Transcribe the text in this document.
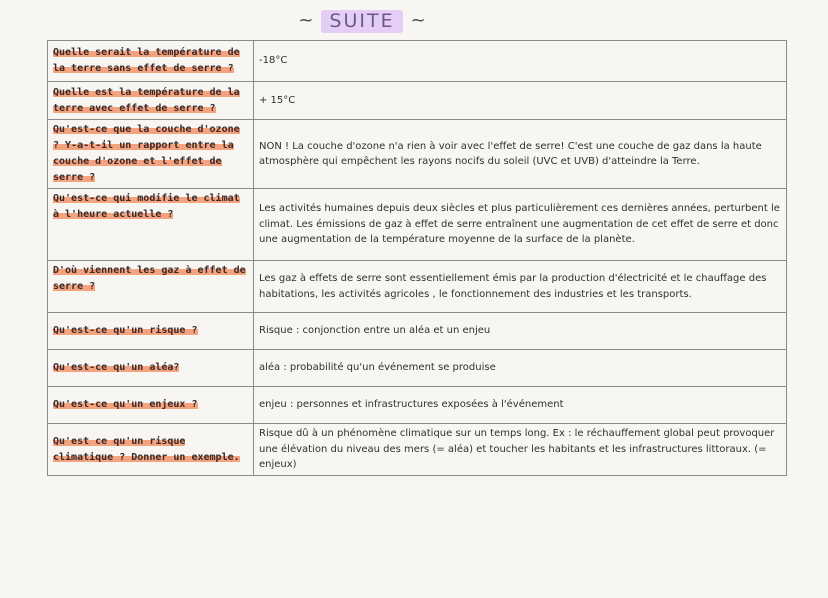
~ SUITE ~
Quelle serait la température de la terre sans effet de serre ?	-18°C
Quelle est la température de la terre avec effet de serre ?	+ 15°C
Qu'est-ce que la couche d'ozone ? Y-a-t-il un rapport entre la couche d'ozone et l'effet de serre ?	NON ! La couche d'ozone n'a rien à voir avec l'effet de serre! C'est une couche de gaz dans la haute atmosphère qui empêchent les rayons nocifs du soleil (UVC et UVB) d'atteindre la Terre.
Qu'est-ce qui modifie le climat à l'heure actuelle ?	Les activités humaines depuis deux siècles et plus particulièrement ces dernières années, perturbent le climat. Les émissions de gaz à effet de serre entraînent une augmentation de cet effet de serre et donc une augmentation de la température moyenne de la surface de la planète.
D'où viennent les gaz à effet de serre ?	Les gaz à effets de serre sont essentiellement émis par la production d'électricité et le chauffage des habitations, les activités agricoles , le fonctionnement des industries et les transports.
Qu'est-ce qu'un risque ?	Risque : conjonction entre un aléa et un enjeu
Qu'est-ce qu'un aléa?	aléa : probabilité qu'un événement se produise
Qu'est-ce qu'un enjeux ?	enjeu : personnes et infrastructures exposées à l'événement
Qu'est ce qu'un risque climatique ? Donner un exemple.	Risque dû à un phénomène climatique sur un temps long. Ex : le réchauffement global peut provoquer une élévation du niveau des mers (= aléa) et toucher les habitants et les infrastructures littoraux. (= enjeux)
